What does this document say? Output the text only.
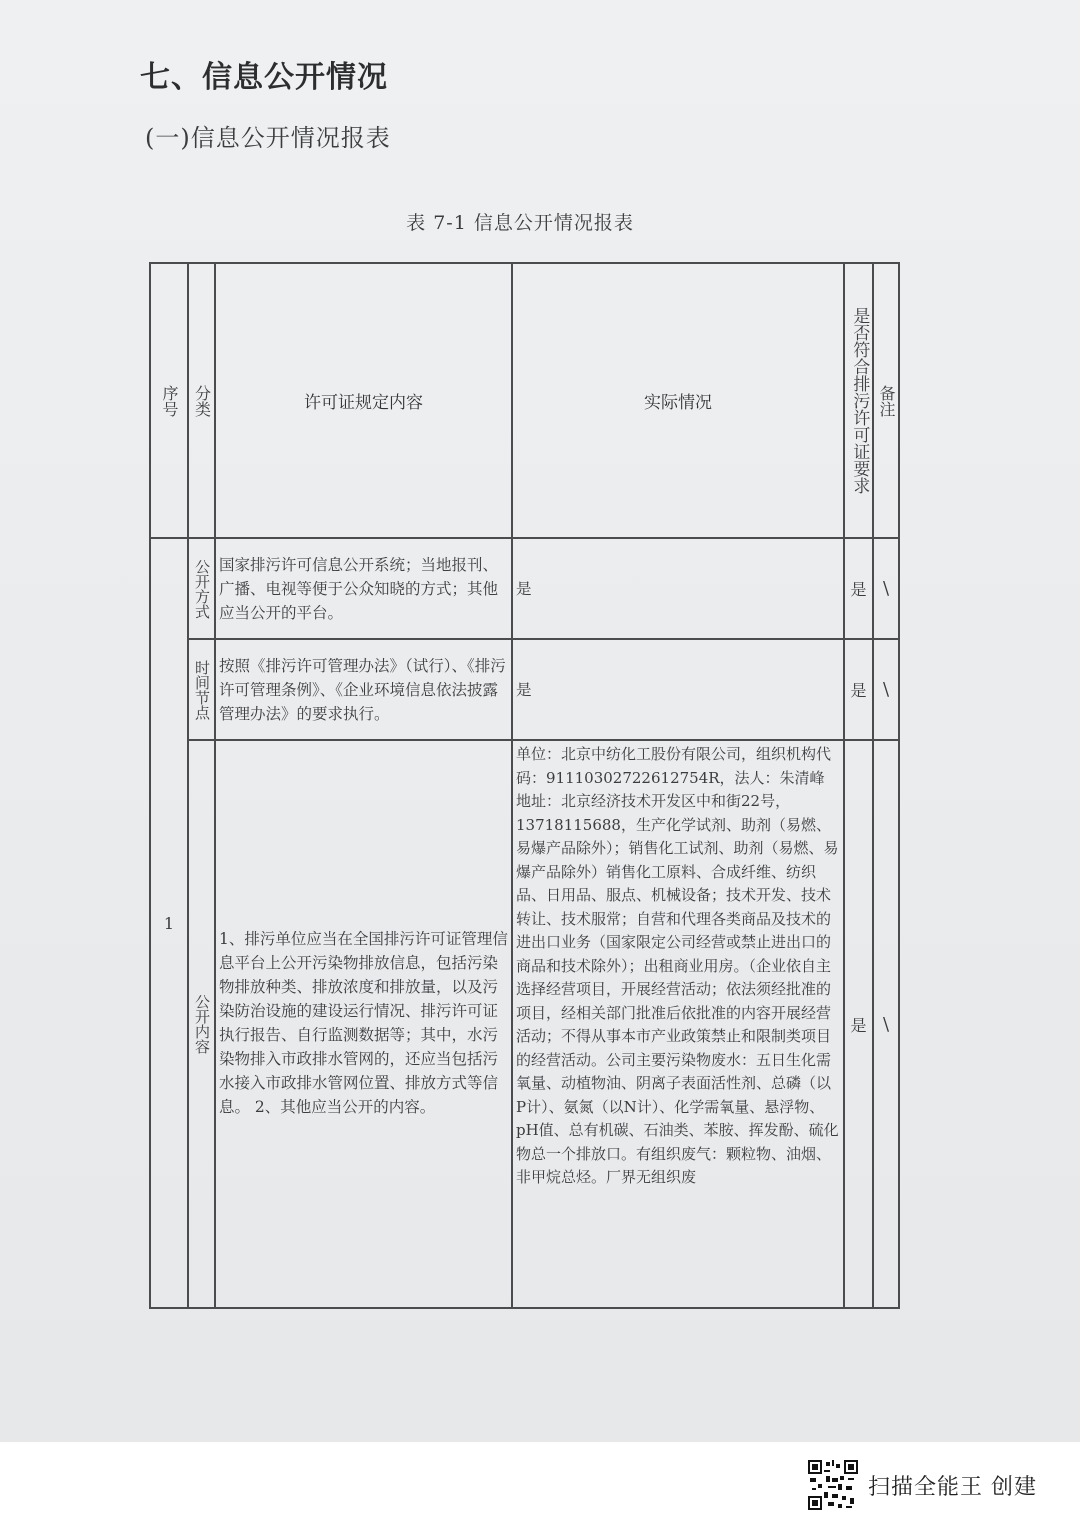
七、信息公开情况
(一)信息公开情况报表
表 7-1 信息公开情况报表
序号	分类	许可证规定内容	实际情况	是否符合排污许可证要求	备注

1	公开方式	国家排污许可信息公开系统；当地报刊、广播、电视等便于公众知晓的方式；其他应当公开的平台。	是	是	\

	时间节点	按照《排污许可管理办法》（试行）、《排污许可管理条例》、《企业环境信息依法披露管理办法》的要求执行。	是	是	\

	公开内容	1、排污单位应当在全国排污许可证管理信息平台上公开污染物排放信息，包括污染物排放种类、排放浓度和排放量，以及污染防治设施的建设运行情况、排污许可证执行报告、自行监测数据等；其中，水污染物排入市政排水管网的，还应当包括污水接入市政排水管网位置、排放方式等信息。 2、其他应当公开的内容。	单位：北京中纺化工股份有限公司，组织机构代码：91110302722612754R，法人：朱清峰 地址：北京经济技术开发区中和街22号，13718115688，生产化学试剂、助剂（易燃、易爆产品除外）；销售化工试剂、助剂（易燃、易爆产品除外）销售化工原料、合成纤维、纺织品、日用品、服点、机械设备；技术开发、技术转让、技术服常；自营和代理各类商品及技术的进出口业务（国家限定公司经营或禁止进出口的商品和技术除外）；出租商业用房。（企业依自主选择经营项目，开展经营活动；依法须经批准的项目，经相关部门批准后依批准的内容开展经营活动；不得从事本市产业政策禁止和限制类项目的经营活动。公司主要污染物废水：五日生化需氧量、动植物油、阴离子表面活性剂、总磷（以P计）、氨氮（以N计）、化学需氧量、悬浮物、pH值、总有机碳、石油类、苯胺、挥发酚、硫化物总一个排放口。有组织废气：颗粒物、油烟、非甲烷总烃。厂界无组织废	是	\
扫描全能王 创建
